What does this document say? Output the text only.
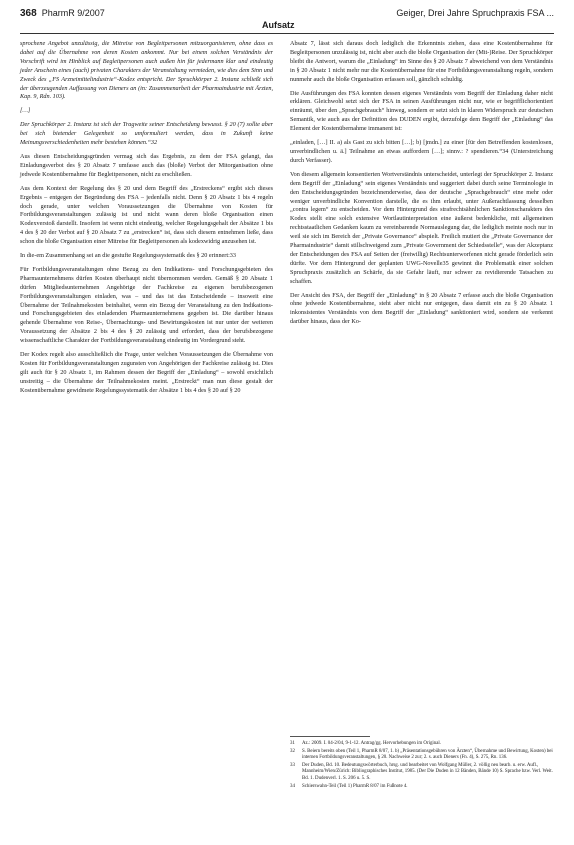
368 PharmR 9/2007
Aufsatz
Geiger, Drei Jahre Spruchpraxis FSA ...

sprochene Angebot unzulässig, die Mitreise von Begleitpersonen mitzuorganisieren, ohne dass es dabei auf die Übernahme von deren Kosten ankommt. Nur bei einem solchen Verständnis der Vorschrift wird im Hinblick auf Begleitpersonen auch außen hin für jedermann klar und eindeutig jeder Anschein eines (auch) privaten Charakters der Veranstaltung vermieden, wie dies dem Sinn und Zweck des „FS Arzneimittelindustrie“-Kodex entspricht. Der Spruchkörper 2. Instanz schließt sich der überzeugenden Auffassung von Dieners an (in: Zusammenarbeit der Pharmaindustrie mit Ärzten, Kap. 9, Rdn. 103).

[…]

Der Spruchkörper 2. Instanz ist sich der Tragweite seiner Entscheidung bewusst. § 20 (7) sollte aber bei sich bietender Gelegenheit so umformuliert werden, dass in Zukunft keine Meinungsverschiedenheiten mehr bestehen können.“32

Aus diesen Entscheidungsgründen vermag sich das Ergebnis, zu dem der FSA gelangt, das Einladungsverbot des § 20 Absatz 7 umfasse auch das (bloße) Verbot der Mitorganisation ohne jedwede Kostenübernahme für Begleitpersonen, nicht zu erschließen.

Aus dem Kontext der Regelung des § 20 und dem Begriff des „Erstreckens“ ergibt sich dieses Ergebnis – entgegen der Begründung des FSA – jedenfalls nicht. Denn § 20 Absatz 1 bis 4 regeln doch gerade, unter welchen Voraussetzungen die Übernahme von Kosten für Fortbildungsveranstaltungen zulässig ist und nicht wann deren bloße Organisation einen Kodexverstoß darstellt. Insofern ist wenn nicht eindeutig, welcher Regelungsgehalt der Absätze 1 bis 4 des § 20 der Verbot auf § 20 Absatz 7 zu „erstrecken“ ist, dass sich diesem entnehmen ließe, dass schon die bloße Organisation einer Mitreise für Begleitpersonen als kodexwidrig anzusehen ist.

In die-em Zusammenhang sei an die gestufte Regelungssystematik des § 20 erinnert:33

Für Fortbildungsveranstaltungen ohne Bezug zu den Indikations- und Forschungsgebieten des Pharmaunternehmens dürfen Kosten überhaupt nicht übernommen werden. Gemäß § 20 Absatz 1 dürfen Mitgliedsunternehmen Angehörige der Fachkreise zu eigenen berufsbezogenen Fortbildungsveranstaltungen einladen, was – und das ist das Entscheidende – insoweit eine Übernahme der Teilnahmekosten beinhaltet, wenn ein Bezug der Veranstaltung zu den Indikations- und Forschungsgebieten des einladenden Pharmaunternehmens gegeben ist. Die darüber hinaus gehende Übernahme von Reise-, Übernachtungs- und Bewirtungskosten ist nur unter der weiteren Voraussetzung der Absätze 2 bis 4 des § 20 zulässig und erfordert, dass der berufsbezogene wissenschaftliche Charakter der Fortbildungsveranstaltung eindeutig im Vordergrund steht.

Der Kodex regelt also ausschließlich die Frage, unter welchen Voraussetzungen die Übernahme von Kosten für Fortbildungsveranstaltungen zugunsten von Angehörigen der Fachkreise zulässig ist. Dies gilt auch für § 20 Absatz 1, im Rahmen dessen der Begriff der „Einladung“ – sowohl ersichtlich unstreitig – die Übernahme der Teilnahmekosten meint. „Erstreckt“ man nun diese gestalt der Kostenübernahme gewidmete Regelungssystematik der Absätze 1 bis 4 des § 20 auf § 20

Absatz 7, lässt sich daraus doch lediglich die Erkenntnis ziehen, dass eine Kostenübernahme für Begleitpersonen unzulässig ist, nicht aber auch die bloße Organisation der (Mit-)Reise. Der Spruchkörper bleibt die Antwort, warum die „Einladung“ im Sinne des § 20 Absatz 7 abweichend von dem Verständnis in § 20 Absatz 1 nicht mehr nur die Kostenübernahme für eine Fortbildungsveranstaltung regeln, sondern nunmehr auch die bloße Organisation erfassen soll, gänzlich schuldig.

Die Ausführungen des FSA konnten dessen eigenes Verständnis vom Begriff der Einladung daher nicht erklären. Gleichwohl setzt sich der FSA in seinen Ausführungen nicht nur, wie er begrifflichorientiert einräumt, über den „Sprachgebrauch“ hinweg, sondern er setzt sich in klaren Widerspruch zur deutschen Semantik, wie auch aus der Definition des DUDEN ergibt, derzufolge dem Begriff der „Einladung“ das Element der Kostenübernahme immanent ist:

„einladen, […] II. a) als Gast zu sich bitten […]; b) [jmdn.] zu einer [für den Betreffenden kostenlosen, unverbindlichen u. ä.] Teilnahme an etwas auffordern […]; sinnv.: ? spendieren.“34 (Unterstreichung durch Verfasser).

Von diesem allgemein konsentierten Wortverständnis unterscheidet, unterlegt der Spruchkörper 2. Instanz dem Begriff der „Einladung“ sein eigenes Verständnis und suggeriert dabei durch seine Terminologie in den Entscheidungsgründen bezeichnenderweise, dass der deutsche „Sprachgebrauch“ eine mehr oder weniger unverbindliche Konvention darstelle, die es ihm erlaubt, unter Außerachtlassung desselben „contra legem“ zu entscheiden. Vor dem Hintergrund des strafrechtsähnlichen Sanktionscharakters des Kodex stellt eine solch extensive Wortlautinterpretation eine äußerst bedenkliche, mit allgemeinen rechtsstaatlichen Gedanken kaum zu vereinbarende Normauslegung dar, die lediglich meinte noch nur in weil sie sich im Bereich der „Private Governance“ abspielt. Freilich mutiert die „Private Governance der Pharmaindustrie“ damit stillschweigend zum „Private Government der Schiedsstelle“, was der Akzeptanz der Entscheidungen des FSA auf Seiten der (freiwillig) Rechtsunterworfenen nicht gerade förderlich sein dürfte. Vor dem Hintergrund der geplanten UWG-Novelle35 gewinnt die Problematik einer solchen Spruchpraxis zusätzlich an Schärfe, da sie Gefahr läuft, nur schwer zu revidierende Tatsachen zu schaffen.

Der Ansicht des FSA, der Begriff der „Einladung“ in § 20 Absatz 7 erfasse auch die bloße Organisation ohne jedwede Kostenübernahme, steht aber nicht nur entgegen, dass damit ein zu § 20 Absatz 1 inkonsistentes Verständnis von dem Begriff der „Einladung“ sanktioniert wird, sondern sie verkennt darüber hinaus, dass der Ko-

31	Az.: 2009. I. 04-2/04, 9-1-12. Antrag/gg. Hervorhebungen im Original.
32	S. Beiern bereits oben (Teil 1, PharmR 8/07, 1. b) „Präsentationsgebühren von Ärzten“, Übernahme und Bewirtung, Kosten) bei internen Fortbildungsveranstaltungen, § 20. Nachweise 2 zur; 2. s. auch Dieners (Fn. 4), S. 275, Rn. 136.
33	Der Duden, Bd. 10. Bedeutungswörterbuch, hrsg. und bearbeitet von Wolfgang Müller, 2. völlig neu bearb. u. erw. Aufl., Mannheim/Wien/Zürich: Bibliographisches Institut, 1985. (Der Die Duden in 12 Bänden, Bände 10) S. Sprache bzw. Verl. Weit. Bd. 1. Dudenverl. 1. S. 206 u. 5. S.
34	Schierswahn-Teil (Teil 1) PharmR 8/07 im Fußnote 4.
